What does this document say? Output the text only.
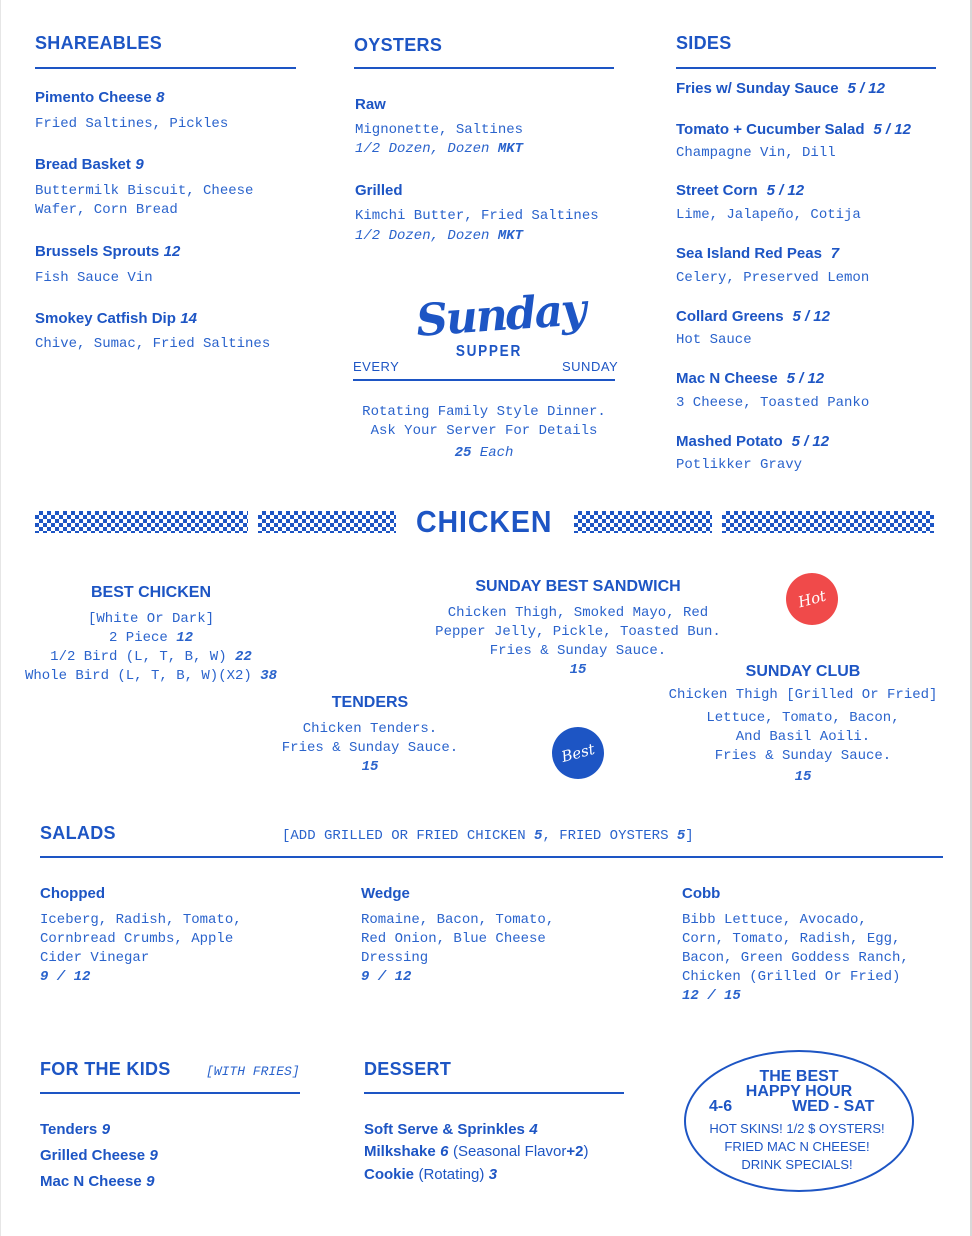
SHAREABLES
Pimento Cheese 8
Fried Saltines, Pickles
Bread Basket 9
Buttermilk Biscuit, Cheese
Wafer, Corn Bread
Brussels Sprouts 12
Fish Sauce Vin
Smokey Catfish Dip 14
Chive, Sumac, Fried Saltines
OYSTERS
Raw
Mignonette, Saltines
1/2 Dozen, Dozen MKT
Grilled
Kimchi Butter, Fried Saltines
1/2 Dozen, Dozen MKT
Sunday
SUPPER
EVERY	SUNDAY
Rotating Family Style Dinner.
Ask Your Server For Details
25 Each
SIDES
Fries w/ Sunday Sauce 5 / 12
Tomato + Cucumber Salad 5 / 12
Champagne Vin, Dill
Street Corn 5 / 12
Lime, Jalapeño, Cotija
Sea Island Red Peas 7
Celery, Preserved Lemon
Collard Greens 5 / 12
Hot Sauce
Mac N Cheese 5 / 12
3 Cheese, Toasted Panko
Mashed Potato 5 / 12
Potlikker Gravy
CHICKEN
BEST CHICKEN
[White Or Dark]
2 Piece 12
1/2 Bird (L, T, B, W) 22
Whole Bird (L, T, B, W)(X2) 38
SUNDAY BEST SANDWICH
Chicken Thigh, Smoked Mayo, Red
Pepper Jelly, Pickle, Toasted Bun.
Fries & Sunday Sauce.
15
Hot
TENDERS
Chicken Tenders.
Fries & Sunday Sauce.
15
Best
SUNDAY CLUB
Chicken Thigh [Grilled Or Fried]
Lettuce, Tomato, Bacon,
And Basil Aoili.
Fries & Sunday Sauce.
15
SALADS	[ADD GRILLED OR FRIED CHICKEN 5, FRIED OYSTERS 5]
Chopped
Iceberg, Radish, Tomato,
Cornbread Crumbs, Apple
Cider Vinegar
9 / 12
Wedge
Romaine, Bacon, Tomato,
Red Onion, Blue Cheese
Dressing
9 / 12
Cobb
Bibb Lettuce, Avocado,
Corn, Tomato, Radish, Egg,
Bacon, Green Goddess Ranch,
Chicken (Grilled Or Fried)
12 / 15
FOR THE KIDS	[WITH FRIES]
Tenders 9
Grilled Cheese 9
Mac N Cheese 9
DESSERT
Soft Serve & Sprinkles 4
Milkshake 6 (Seasonal Flavor+2)
Cookie (Rotating) 3
THE BEST
HAPPY HOUR
4-6	WED - SAT
HOT SKINS! 1/2 $ OYSTERS!
FRIED MAC N CHEESE!
DRINK SPECIALS!
